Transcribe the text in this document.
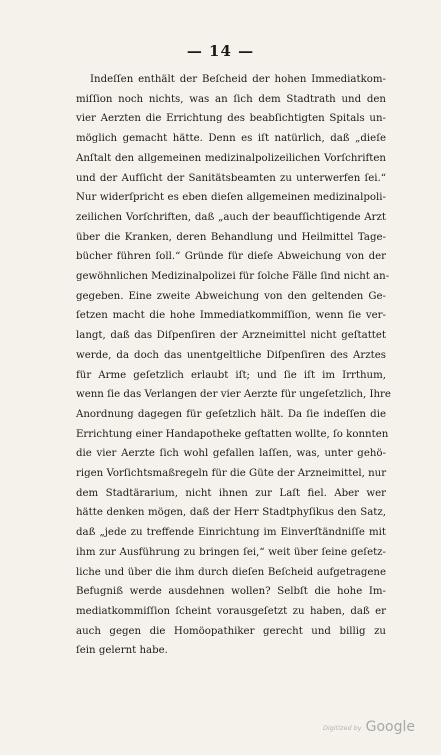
— 14 —
Indeſſen enthält der Beſcheid der hohen Immediatkom-
miſſion noch nichts, was an ſich dem Stadtrath und den
vier Aerzten die Errichtung des beabſichtigten Spitals un-
möglich gemacht hätte. Denn es iſt natürlich, daß „dieſe
Anſtalt den allgemeinen medizinalpolizeilichen Vorſchriften
und der Aufſicht der Sanitätsbeamten zu unterwerfen ſei.“
Nur widerſpricht es eben dieſen allgemeinen medizinalpoli-
zeilichen Vorſchriften, daß „auch der beaufſichtigende Arzt
über die Kranken, deren Behandlung und Heilmittel Tage-
bücher führen ſoll.“ Gründe für dieſe Abweichung von der
gewöhnlichen Medizinalpolizei für ſolche Fälle ſind nicht an-
gegeben. Eine zweite Abweichung von den geltenden Ge-
ſetzen macht die hohe Immediatkommiſſion, wenn ſie ver-
langt, daß das Diſpenſiren der Arzneimittel nicht geſtattet
werde, da doch das unentgeltliche Diſpenſiren des Arztes
für Arme geſetzlich erlaubt iſt; und ſie iſt im Irrthum,
wenn ſie das Verlangen der vier Aerzte für ungeſetzlich, Ihre
Anordnung dagegen für geſetzlich hält. Da ſie indeſſen die
Errichtung einer Handapotheke geſtatten wollte, ſo konnten
die vier Aerzte ſich wohl gefallen laſſen, was, unter gehö-
rigen Vorſichtsmaßregeln für die Güte der Arzneimittel, nur
dem Stadtärarium, nicht ihnen zur Laſt fiel. Aber wer
hätte denken mögen, daß der Herr Stadtphyſikus den Satz,
daß „jede zu treffende Einrichtung im Einverſtändniſſe mit
ihm zur Ausführung zu bringen ſei,“ weit über ſeine geſetz-
liche und über die ihm durch dieſen Beſcheid aufgetragene
Befugniß werde ausdehnen wollen? Selbſt die hohe Im-
mediatkommiſſion ſcheint vorausgeſetzt zu haben, daß er
auch gegen die Homöopathiker gerecht und billig zu
ſein gelernt habe.
Digitized by Google
